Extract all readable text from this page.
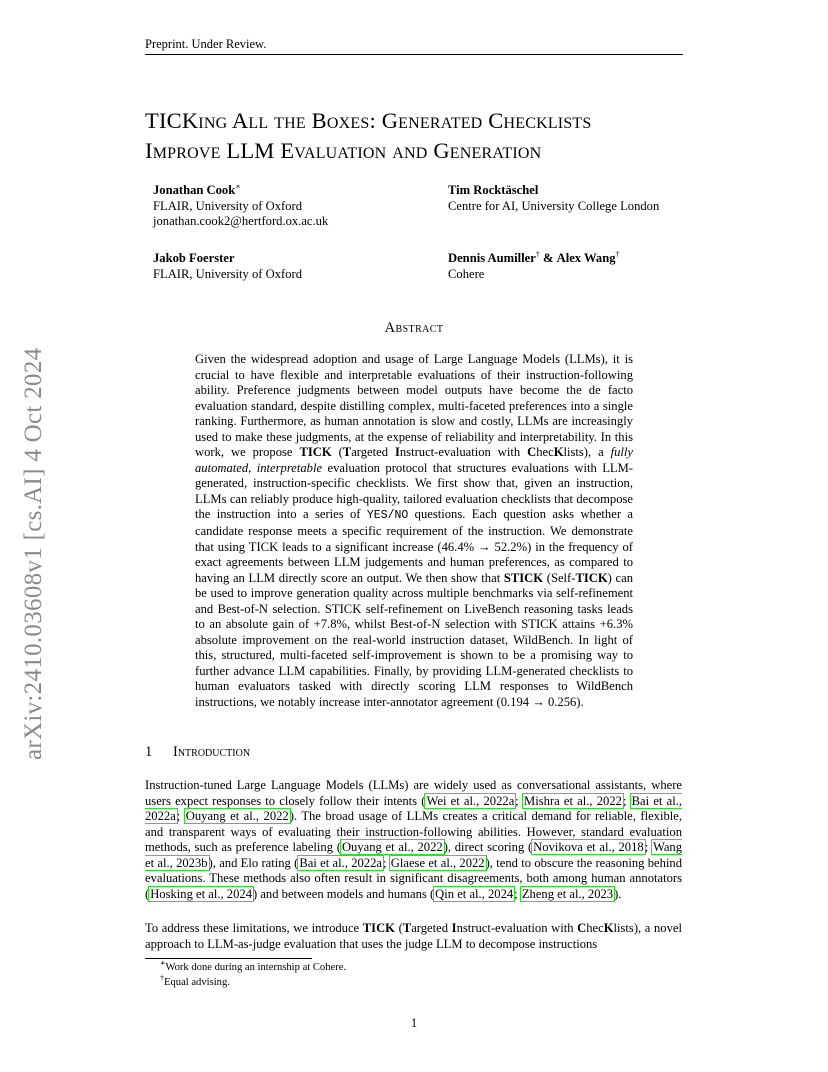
Preprint. Under Review.
TICKing All the Boxes: Generated Checklists
Improve LLM Evaluation and Generation
Jonathan Cook∗
FLAIR, University of Oxford
jonathan.cook2@hertford.ox.ac.uk
Tim Rocktäschel
Centre for AI, University College London
Jakob Foerster
FLAIR, University of Oxford
Dennis Aumiller† & Alex Wang†
Cohere
arXiv:2410.03608v1 [cs.AI] 4 Oct 2024
Abstract
Given the widespread adoption and usage of Large Language Models (LLMs), it is crucial to have flexible and interpretable evaluations of their instruction-following ability. Preference judgments between model outputs have become the de facto evaluation standard, despite distilling complex, multi-faceted preferences into a single ranking. Furthermore, as human annotation is slow and costly, LLMs are increasingly used to make these judgments, at the expense of reliability and interpretability. In this work, we propose TICK (Targeted Instruct-evaluation with ChecKlists), a fully automated, interpretable evaluation protocol that structures evaluations with LLM-generated, instruction-specific checklists. We first show that, given an instruction, LLMs can reliably produce high-quality, tailored evaluation checklists that decompose the instruction into a series of YES/NO questions. Each question asks whether a candidate response meets a specific requirement of the instruction. We demonstrate that using TICK leads to a significant increase (46.4% → 52.2%) in the frequency of exact agreements between LLM judgements and human preferences, as compared to having an LLM directly score an output. We then show that STICK (Self-TICK) can be used to improve generation quality across multiple benchmarks via self-refinement and Best-of-N selection. STICK self-refinement on LiveBench reasoning tasks leads to an absolute gain of +7.8%, whilst Best-of-N selection with STICK attains +6.3% absolute improvement on the real-world instruction dataset, WildBench. In light of this, structured, multi-faceted self-improvement is shown to be a promising way to further advance LLM capabilities. Finally, by providing LLM-generated checklists to human evaluators tasked with directly scoring LLM responses to WildBench instructions, we notably increase inter-annotator agreement (0.194 → 0.256).
1 Introduction
Instruction-tuned Large Language Models (LLMs) are widely used as conversational assistants, where users expect responses to closely follow their intents (Wei et al., 2022a; Mishra et al., 2022; Bai et al., 2022a; Ouyang et al., 2022). The broad usage of LLMs creates a critical demand for reliable, flexible, and transparent ways of evaluating their instruction-following abilities. However, standard evaluation methods, such as preference labeling (Ouyang et al., 2022), direct scoring (Novikova et al., 2018; Wang et al., 2023b), and Elo rating (Bai et al., 2022a; Glaese et al., 2022), tend to obscure the reasoning behind evaluations. These methods also often result in significant disagreements, both among human annotators (Hosking et al., 2024) and between models and humans (Qin et al., 2024; Zheng et al., 2023).
To address these limitations, we introduce TICK (Targeted Instruct-evaluation with ChecKlists), a novel approach to LLM-as-judge evaluation that uses the judge LLM to decompose instructions
∗Work done during an internship at Cohere.
†Equal advising.
1
